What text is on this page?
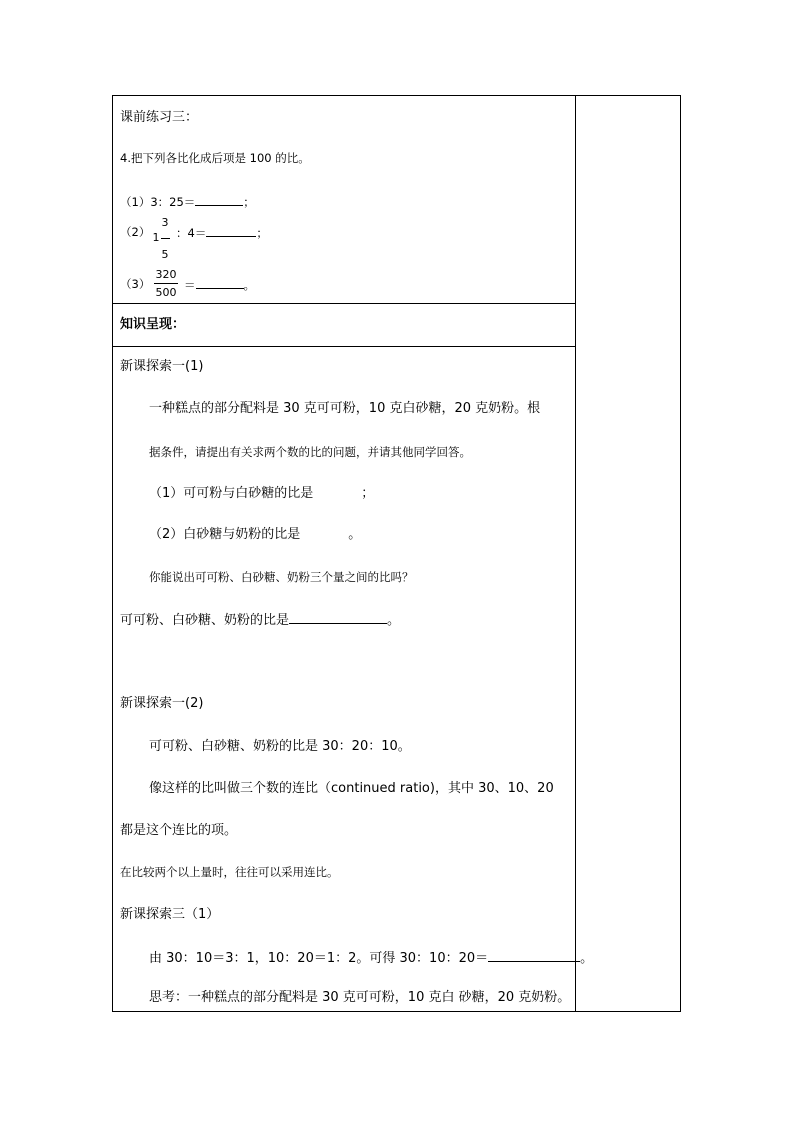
课前练习三：
4.把下列各比化成后项是 100 的比。
（1）3：25＝	；
（2）
3
1
5
：4＝	；
（3）
320
500
＝	。
知识呈现：
新课探索一(1)
一种糕点的部分配料是 30 克可可粉，10 克白砂糖，20 克奶粉。根
据条件，请提出有关求两个数的比的问题，并请其他同学回答。
（1）可可粉与白砂糖的比是	；
（2）白砂糖与奶粉的比是	。
你能说出可可粉、白砂糖、奶粉三个量之间的比吗？
可可粉、白砂糖、奶粉的比是	。
新课探索一(2)
可可粉、白砂糖、奶粉的比是 30：20：10。
像这样的比叫做三个数的连比（continued ratio)，其中 30、10、20
都是这个连比的项。
在比较两个以上量时，往往可以采用连比。
新课探索三（1）
由 30：10＝3：1，10：20＝1：2。可得 30：10：20＝	。
思考：一种糕点的部分配料是 30 克可可粉，10 克白 砂糖，20 克奶粉。
